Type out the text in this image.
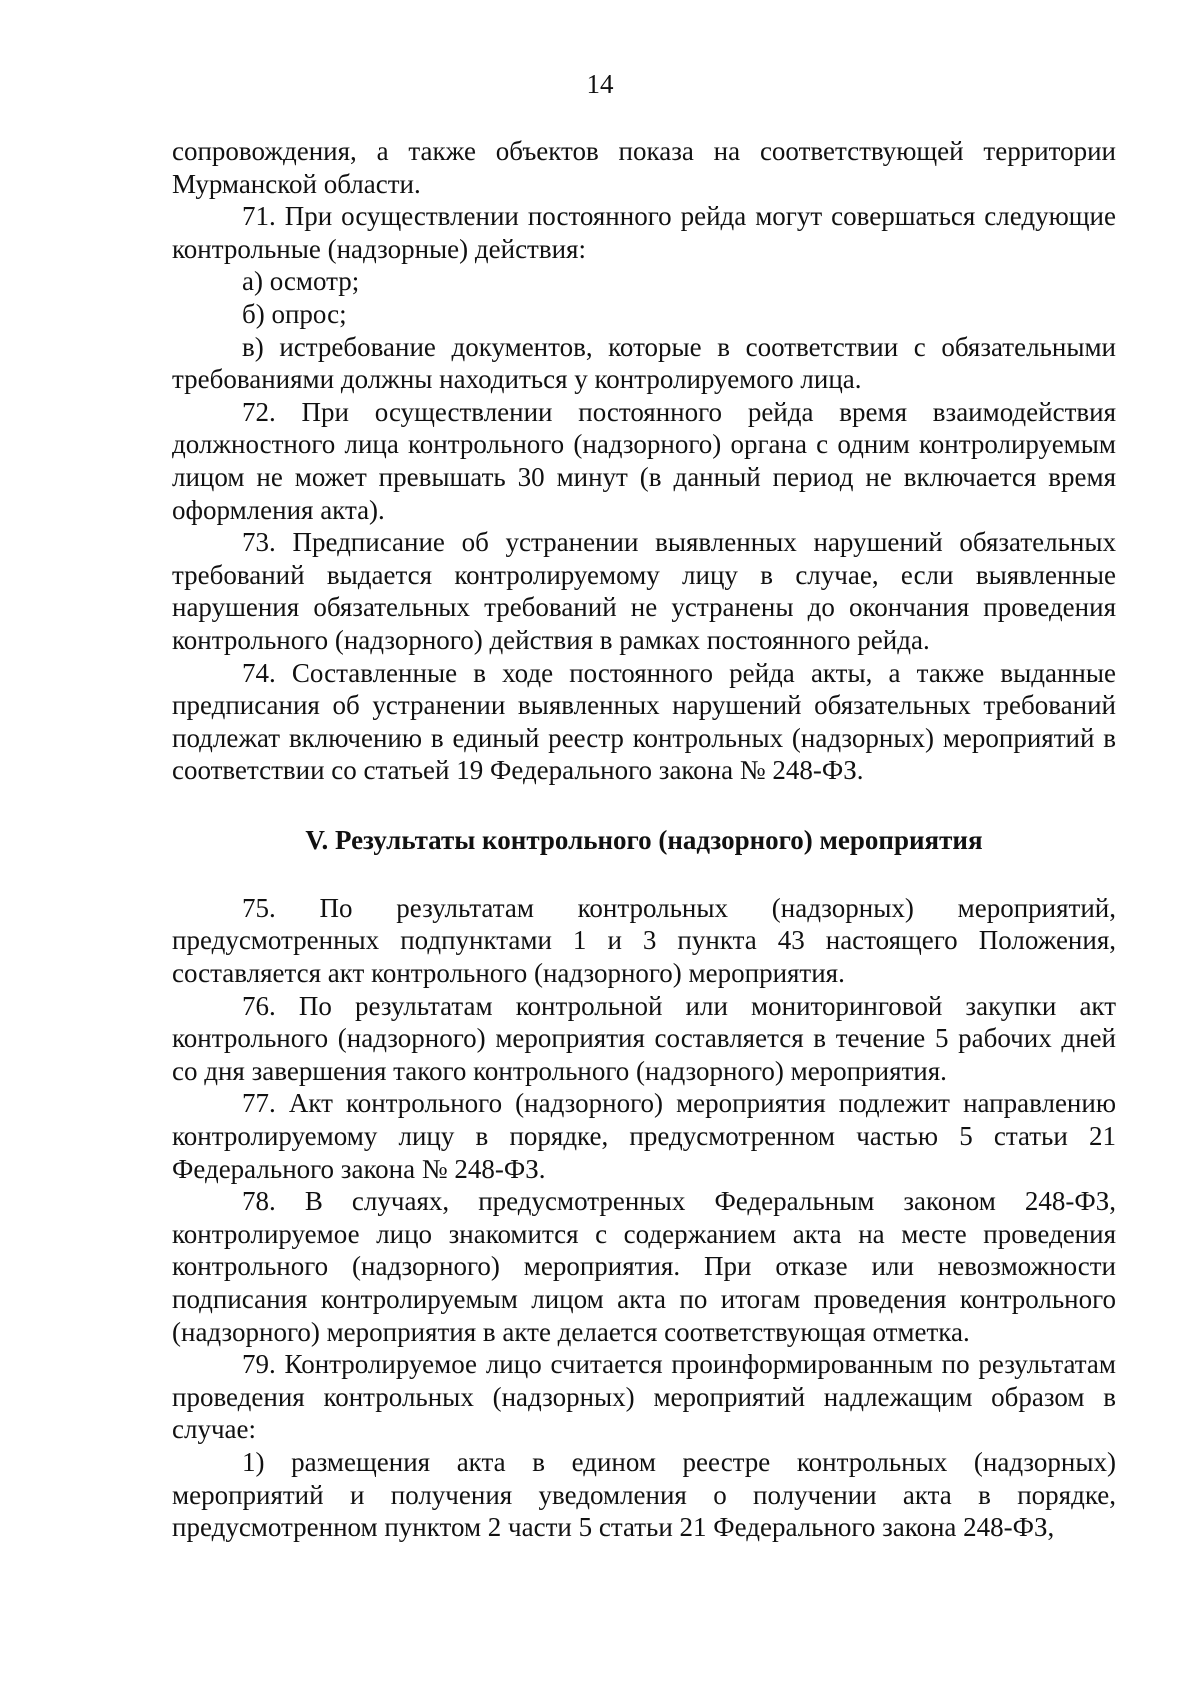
14

сопровождения, а также объектов показа на соответствующей территории Мурманской области.

71. При осуществлении постоянного рейда могут совершаться следующие контрольные (надзорные) действия:

а) осмотр;

б) опрос;

в) истребование документов, которые в соответствии с обязательными требованиями должны находиться у контролируемого лица.

72. При осуществлении постоянного рейда время взаимодействия должностного лица контрольного (надзорного) органа с одним контролируемым лицом не может превышать 30 минут (в данный период не включается время оформления акта).

73. Предписание об устранении выявленных нарушений обязательных требований выдается контролируемому лицу в случае, если выявленные нарушения обязательных требований не устранены до окончания проведения контрольного (надзорного) действия в рамках постоянного рейда.

74. Составленные в ходе постоянного рейда акты, а также выданные предписания об устранении выявленных нарушений обязательных требований подлежат включению в единый реестр контрольных (надзорных) мероприятий в соответствии со статьей 19 Федерального закона № 248-ФЗ.

V. Результаты контрольного (надзорного) мероприятия

75. По результатам контрольных (надзорных) мероприятий, предусмотренных подпунктами 1 и 3 пункта 43 настоящего Положения, составляется акт контрольного (надзорного) мероприятия.

76. По результатам контрольной или мониторинговой закупки акт контрольного (надзорного) мероприятия составляется в течение 5 рабочих дней со дня завершения такого контрольного (надзорного) мероприятия.

77. Акт контрольного (надзорного) мероприятия подлежит направлению контролируемому лицу в порядке, предусмотренном частью 5 статьи 21 Федерального закона № 248-ФЗ.

78. В случаях, предусмотренных Федеральным законом 248-ФЗ, контролируемое лицо знакомится с содержанием акта на месте проведения контрольного (надзорного) мероприятия. При отказе или невозможности подписания контролируемым лицом акта по итогам проведения контрольного (надзорного) мероприятия в акте делается соответствующая отметка.

79. Контролируемое лицо считается проинформированным по результатам проведения контрольных (надзорных) мероприятий надлежащим образом в случае:

1) размещения акта в едином реестре контрольных (надзорных) мероприятий и получения уведомления о получении акта в порядке, предусмотренном пунктом 2 части 5 статьи 21 Федерального закона 248-ФЗ,
